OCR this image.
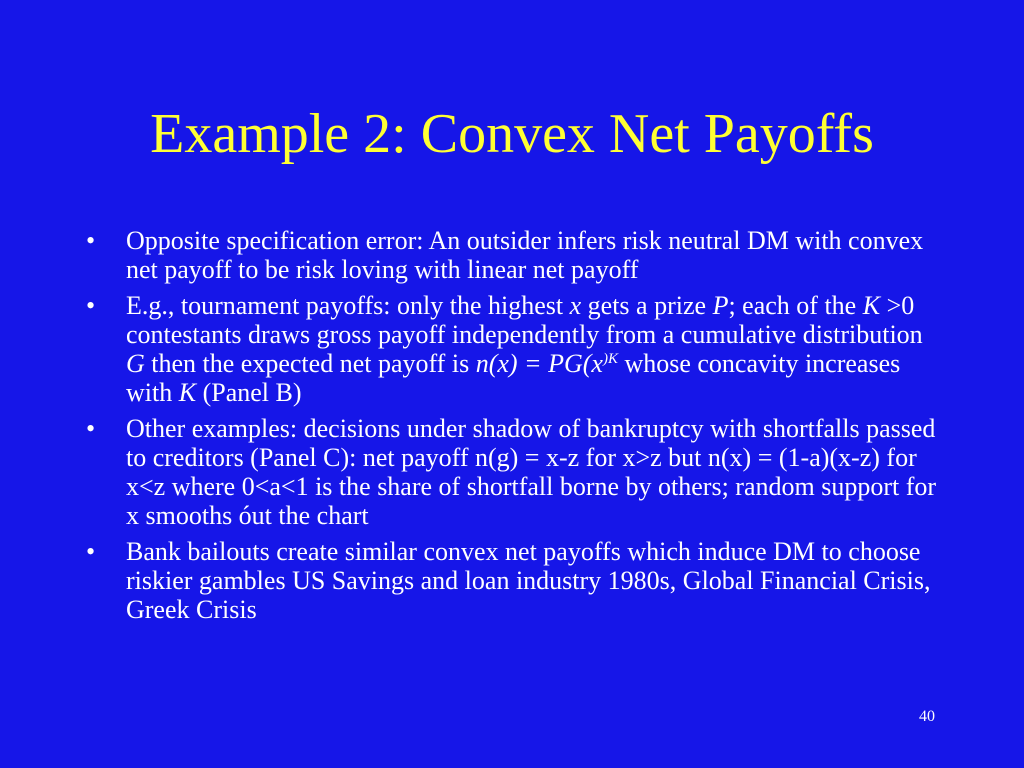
Example 2: Convex Net Payoffs
•	Opposite specification error: An outsider infers risk neutral DM with convex net payoff to be risk loving with linear net payoff
•	E.g., tournament payoffs: only the highest x gets a prize P; each of the K >0 contestants draws gross payoff independently from a cumulative distribution G then the expected net payoff is $n(x) = PG(x^{)K}$ whose concavity increases with K (Panel B)
•	Other examples: decisions under shadow of bankruptcy with shortfalls passed to creditors (Panel C): net payoff n(g) = x-z for x>z but n(x) = (1-a)(x-z) for x<z where 0<a<1 is the share of shortfall borne by others; random support for x smooths óut the chart
•	Bank bailouts create similar convex net payoffs which induce DM to choose riskier gambles US Savings and loan industry 1980s, Global Financial Crisis, Greek Crisis
40
